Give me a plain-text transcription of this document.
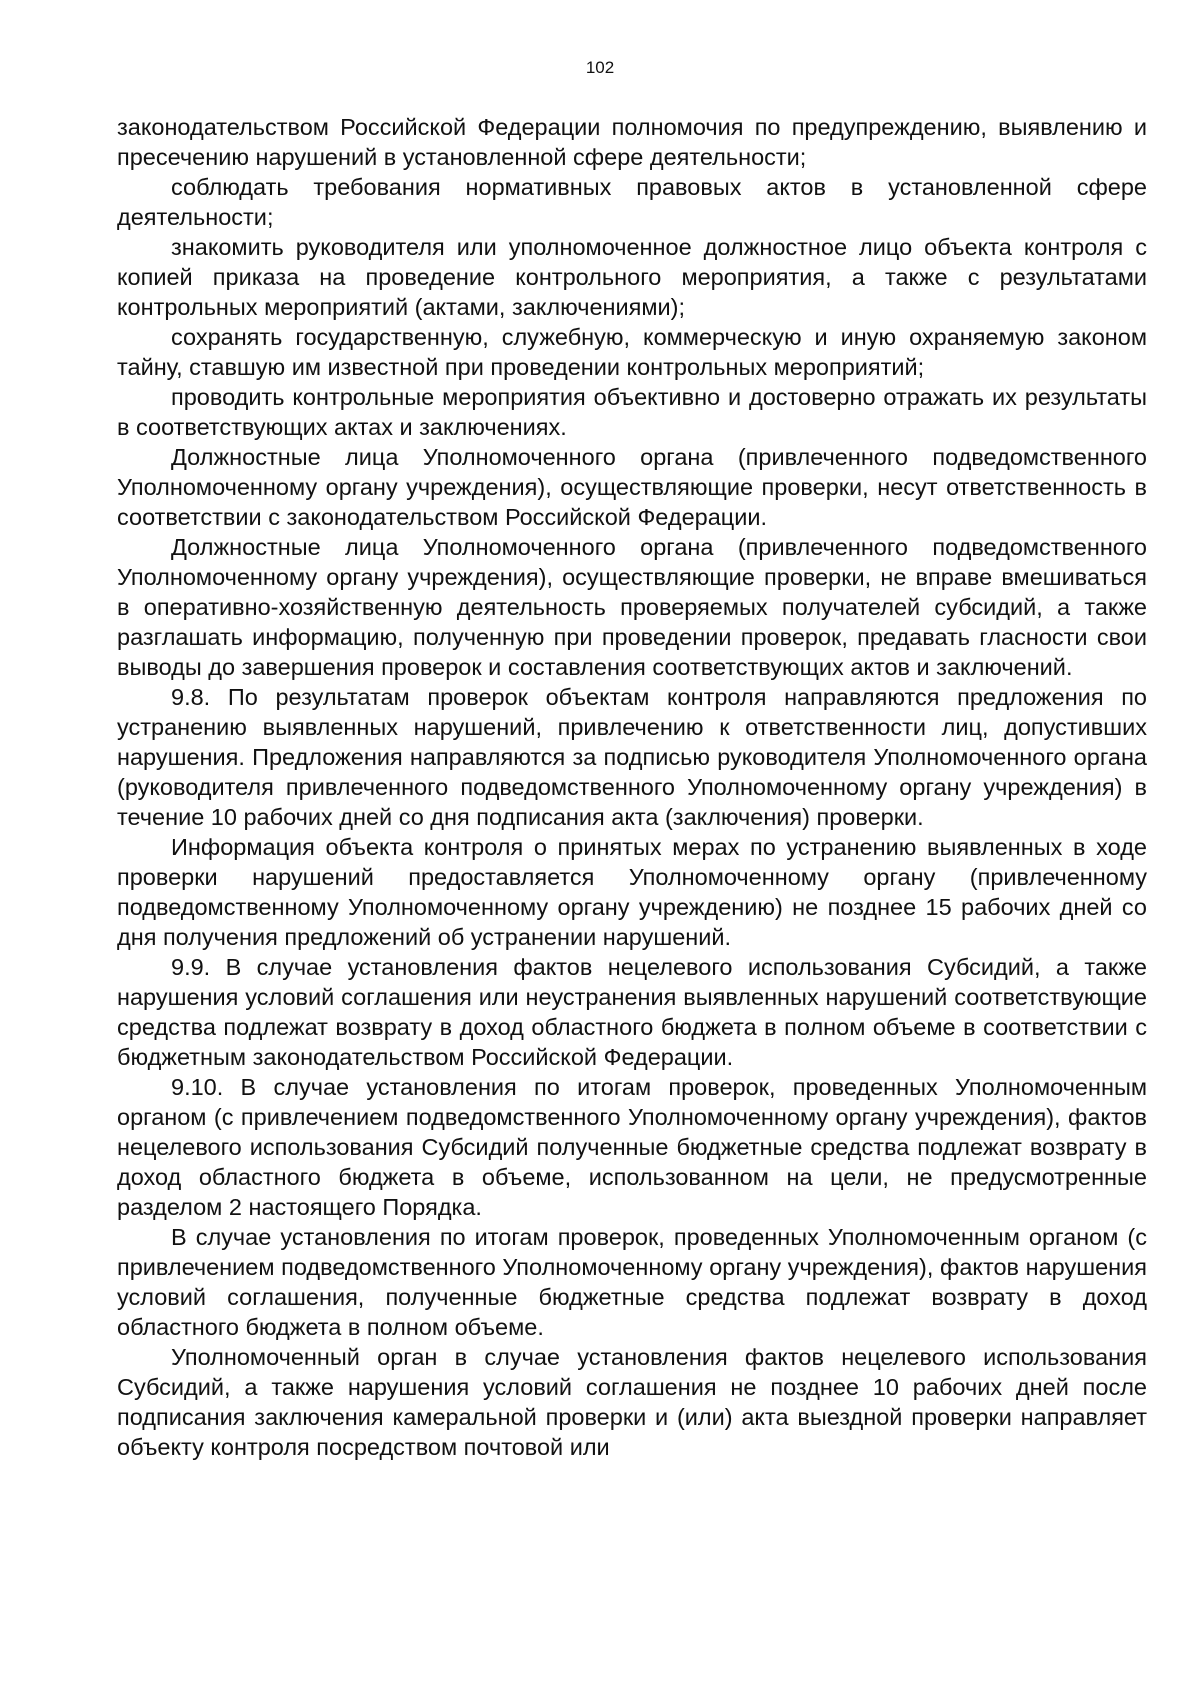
102

законодательством Российской Федерации полномочия по предупреждению, выявлению и пресечению нарушений в установленной сфере деятельности;

соблюдать требования нормативных правовых актов в установленной сфере деятельности;

знакомить руководителя или уполномоченное должностное лицо объекта контроля с копией приказа на проведение контрольного мероприятия, а также с результатами контрольных мероприятий (актами, заключениями);

сохранять государственную, служебную, коммерческую и иную охраняемую законом тайну, ставшую им известной при проведении контрольных мероприятий;

проводить контрольные мероприятия объективно и достоверно отражать их результаты в соответствующих актах и заключениях.

Должностные лица Уполномоченного органа (привлеченного подведомственного Уполномоченному органу учреждения), осуществляющие проверки, несут ответственность в соответствии с законодательством Российской Федерации.

Должностные лица Уполномоченного органа (привлеченного подведомственного Уполномоченному органу учреждения), осуществляющие проверки, не вправе вмешиваться в оперативно-хозяйственную деятельность проверяемых получателей субсидий, а также разглашать информацию, полученную при проведении проверок, предавать гласности свои выводы до завершения проверок и составления соответствующих актов и заключений.

9.8. По результатам проверок объектам контроля направляются предложения по устранению выявленных нарушений, привлечению к ответственности лиц, допустивших нарушения. Предложения направляются за подписью руководителя Уполномоченного органа (руководителя привлеченного подведомственного Уполномоченному органу учреждения) в течение 10 рабочих дней со дня подписания акта (заключения) проверки.

Информация объекта контроля о принятых мерах по устранению выявленных в ходе проверки нарушений предоставляется Уполномоченному органу (привлеченному подведомственному Уполномоченному органу учреждению) не позднее 15 рабочих дней со дня получения предложений об устранении нарушений.

9.9. В случае установления фактов нецелевого использования Субсидий, а также нарушения условий соглашения или неустранения выявленных нарушений соответствующие средства подлежат возврату в доход областного бюджета в полном объеме в соответствии с бюджетным законодательством Российской Федерации.

9.10. В случае установления по итогам проверок, проведенных Уполномоченным органом (с привлечением подведомственного Уполномоченному органу учреждения), фактов нецелевого использования Субсидий полученные бюджетные средства подлежат возврату в доход областного бюджета в объеме, использованном на цели, не предусмотренные разделом 2 настоящего Порядка.

В случае установления по итогам проверок, проведенных Уполномоченным органом (с привлечением подведомственного Уполномоченному органу учреждения), фактов нарушения условий соглашения, полученные бюджетные средства подлежат возврату в доход областного бюджета в полном объеме.

Уполномоченный орган в случае установления фактов нецелевого использования Субсидий, а также нарушения условий соглашения не позднее 10 рабочих дней после подписания заключения камеральной проверки и (или) акта выездной проверки направляет объекту контроля посредством почтовой или
